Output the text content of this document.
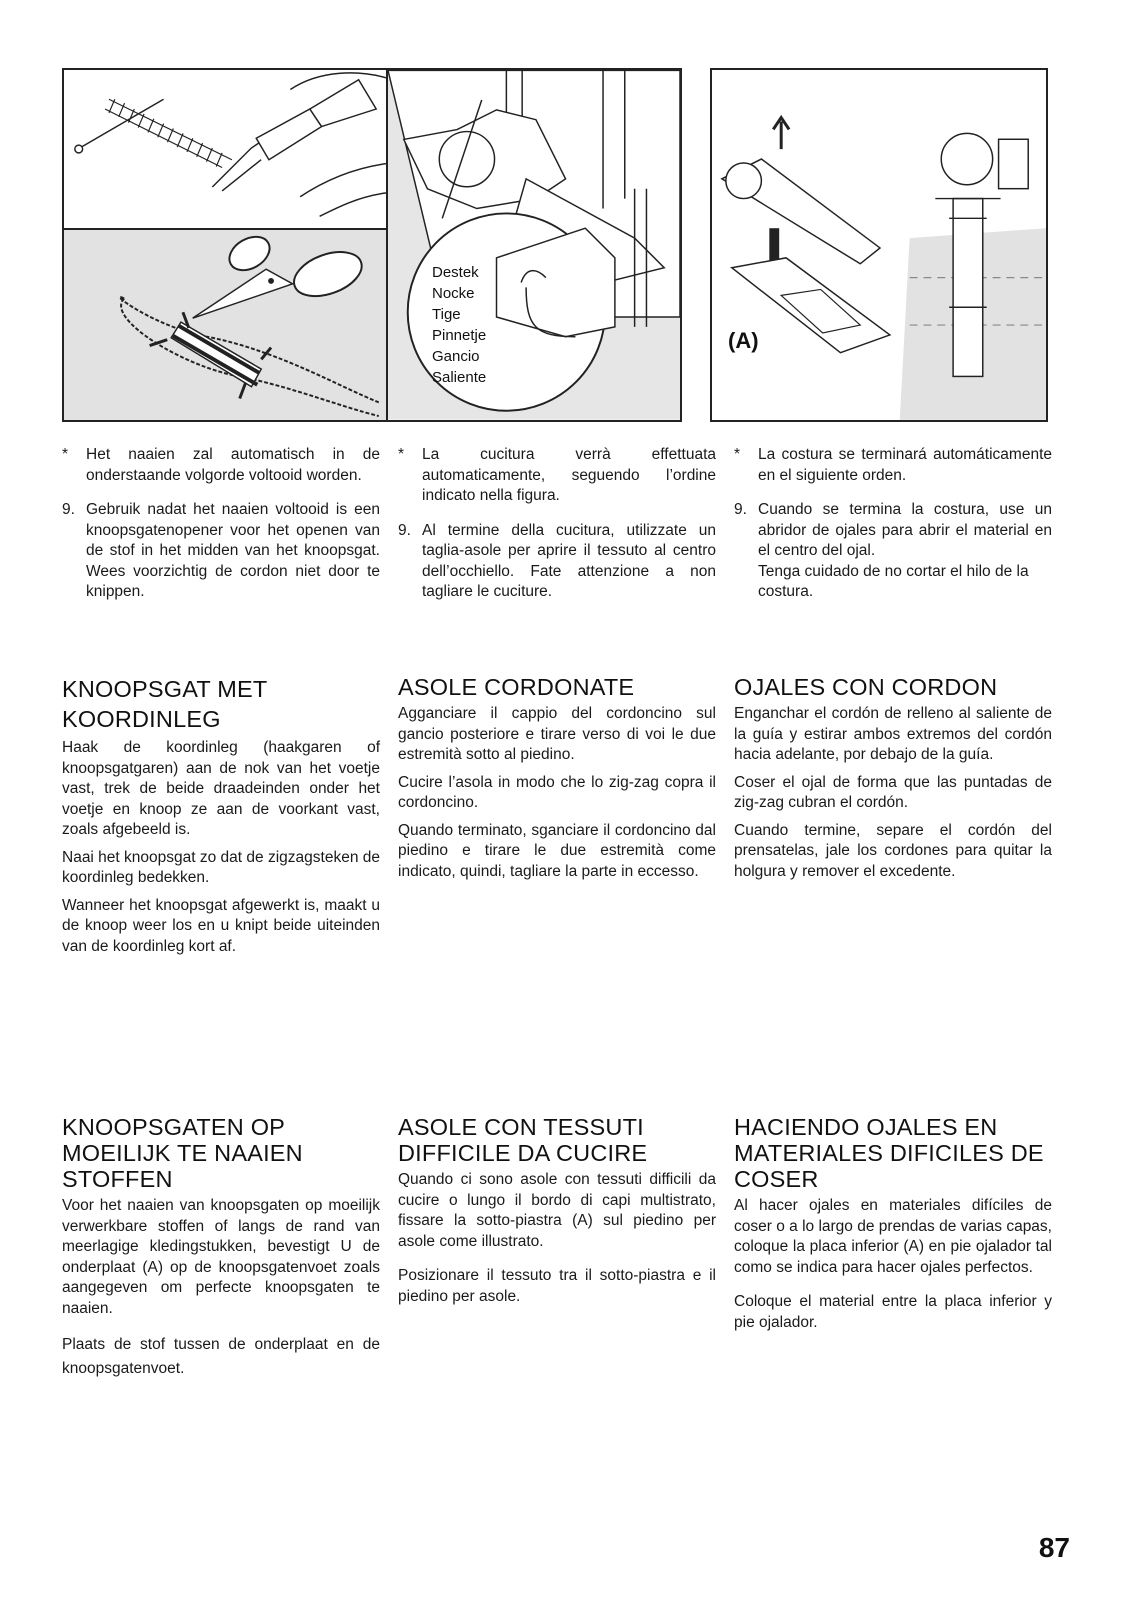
Destek
Nocke
Tige
Pinnetje
Gancio
Saliente
(A)
* Het naaien zal automatisch in de onderstaande volgorde voltooid worden.

9. Gebruik nadat het naaien voltooid is een knoopsgatenopener voor het openen van de stof in het midden van het knoopsgat. Wees voorzichtig de cordon niet door te knippen.

* La cucitura verrà effettuata automaticamente, seguendo l’ordine indicato nella figura.

9. Al termine della cucitura, utilizzate un taglia-asole per aprire il tessuto al centro dell’occhiello. Fate attenzione a non tagliare le cuciture.

* La costura se terminará automáticamente en el siguiente orden.

9. Cuando se termina la costura, use un abridor de ojales para abrir el material en el centro del ojal.

Tenga cuidado de no cortar el hilo de la costura.

KNOOPSGAT MET KOORDINLEG

Haak de koordinleg (haakgaren of knoopsgatgaren) aan de nok van het voetje vast, trek de beide draadeinden onder het voetje en knoop ze aan de voorkant vast, zoals afgebeeld is.

Naai het knoopsgat zo dat de zigzagsteken de koordinleg bedekken.

Wanneer het knoopsgat afgewerkt is, maakt u de knoop weer los en u knipt beide uiteinden van de koordinleg kort af.

ASOLE CORDONATE

Agganciare il cappio del cordoncino sul gancio posteriore e tirare verso di voi le due estremità sotto al piedino.

Cucire l’asola in modo che lo zig-zag copra il cordoncino.

Quando terminato, sganciare il cordoncino dal piedino e tirare le due estremità come indicato, quindi, tagliare la parte in eccesso.

OJALES CON CORDON

Enganchar el cordón de relleno al saliente de la guía y estirar ambos extremos del cordón hacia adelante, por debajo de la guía.

Coser el ojal de forma que las puntadas de zig-zag cubran el cordón.

Cuando termine, separe el cordón del prensatelas, jale los cordones para quitar la holgura y remover el excedente.

KNOOPSGATEN OP MOEILIJK TE NAAIEN STOFFEN

Voor het naaien van knoopsgaten op moeilijk verwerkbare stoffen of langs de rand van meerlagige kledingstukken, bevestigt U de onderplaat (A) op de knoopsgatenvoet zoals aangegeven om perfecte knoopsgaten te naaien.

Plaats de stof tussen de onderplaat en de knoopsgatenvoet.

ASOLE CON TESSUTI DIFFICILE DA CUCIRE

Quando ci sono asole con tessuti difficili da cucire o lungo il bordo di capi multistrato, fissare la sotto-piastra (A) sul piedino per asole come illustrato.

Posizionare il tessuto tra il sotto-piastra e il piedino per asole.

HACIENDO OJALES EN MATERIALES DIFICILES DE COSER

Al hacer ojales en materiales difíciles de coser o a lo largo de prendas de varias capas, coloque la placa inferior (A) en pie ojalador tal como se indica para hacer ojales perfectos.

Coloque el material entre la placa inferior y pie ojalador.

87
